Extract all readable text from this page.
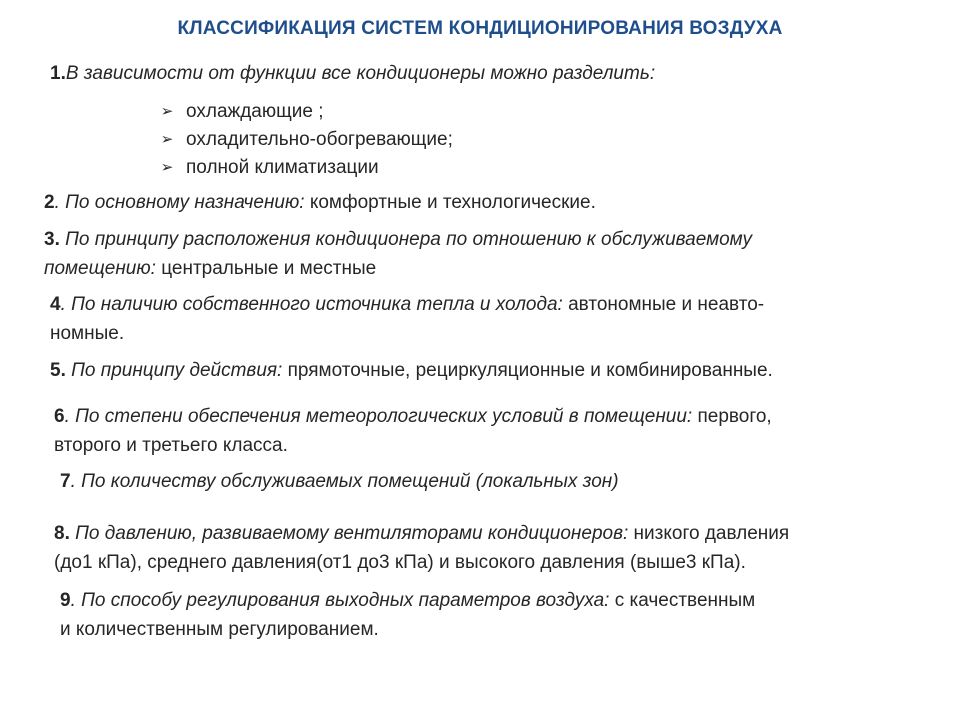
КЛАССИФИКАЦИЯ СИСТЕМ КОНДИЦИОНИРОВАНИЯ ВОЗДУХА
1.В зависимости от функции все кондиционеры можно разделить:
➢ охлаждающие ;
➢ охладительно-обогревающие;
➢ полной климатизации
2. По основному назначению: комфортные и технологические.
3. По принципу расположения кондиционера по отношению к обслуживаемому
помещению: центральные и местные
4. По наличию собственного источника тепла и холода: автономные и неавто-
номные.
5. По принципу действия: прямоточные, рециркуляционные и комбинированные.
6. По степени обеспечения метеорологических условий в помещении: первого,
второго и третьего класса.
7. По количеству обслуживаемых помещений (локальных зон)
8. По давлению, развиваемому вентиляторами кондиционеров: низкого давления
(до1 кПа), среднего давления(от1 до3 кПа) и высокого давления (выше3 кПа).
9. По способу регулирования выходных параметров воздуха: с качественным
и количественным регулированием.
